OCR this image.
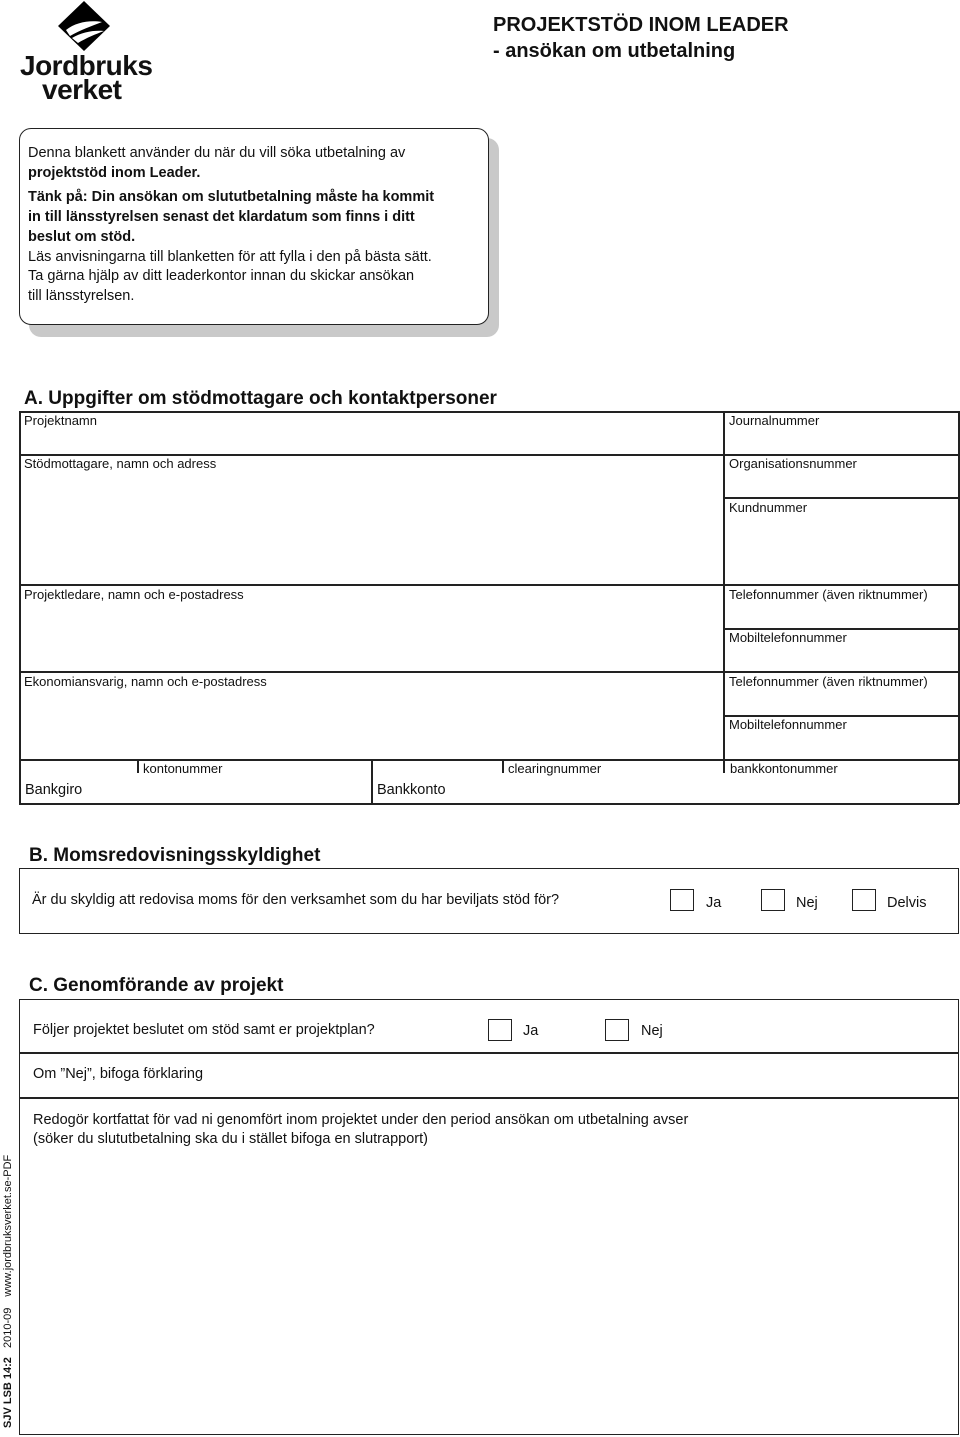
Jordbruks
verket
PROJEKTSTÖD INOM LEADER
- ansökan om utbetalning
Denna blankett använder du när du vill söka utbetalning av
projektstöd inom Leader.
Tänk på: Din ansökan om slututbetalning måste ha kommit
in till länsstyrelsen senast det klardatum som finns i ditt
beslut om stöd.
Läs anvisningarna till blanketten för att fylla i den på bästa sätt.
Ta gärna hjälp av ditt leaderkontor innan du skickar ansökan
till länsstyrelsen.
A. Uppgifter om stödmottagare och kontaktpersoner
Projektnamn	Journalnummer
Stödmottagare, namn och adress	Organisationsnummer
Kundnummer
Projektledare, namn och e-postadress	Telefonnummer (även riktnummer)
Mobiltelefonnummer
Ekonomiansvarig, namn och e-postadress	Telefonnummer (även riktnummer)
Mobiltelefonnummer
kontonummer	clearingnummer	bankkontonummer
Bankgiro	Bankkonto
B. Momsredovisningsskyldighet
Är du skyldig att redovisa moms för den verksamhet som du har beviljats stöd för?	Ja	Nej	Delvis
C. Genomförande av projekt
Följer projektet beslutet om stöd samt er projektplan?	Ja	Nej
Om ”Nej”, bifoga förklaring
Redogör kortfattat för vad ni genomfört inom projektet under den period ansökan om utbetalning avser
(söker du slututbetalning ska du i stället bifoga en slutrapport)
SJV LSB 14:2 2010-09 www.jordbruksverket.se-PDF
